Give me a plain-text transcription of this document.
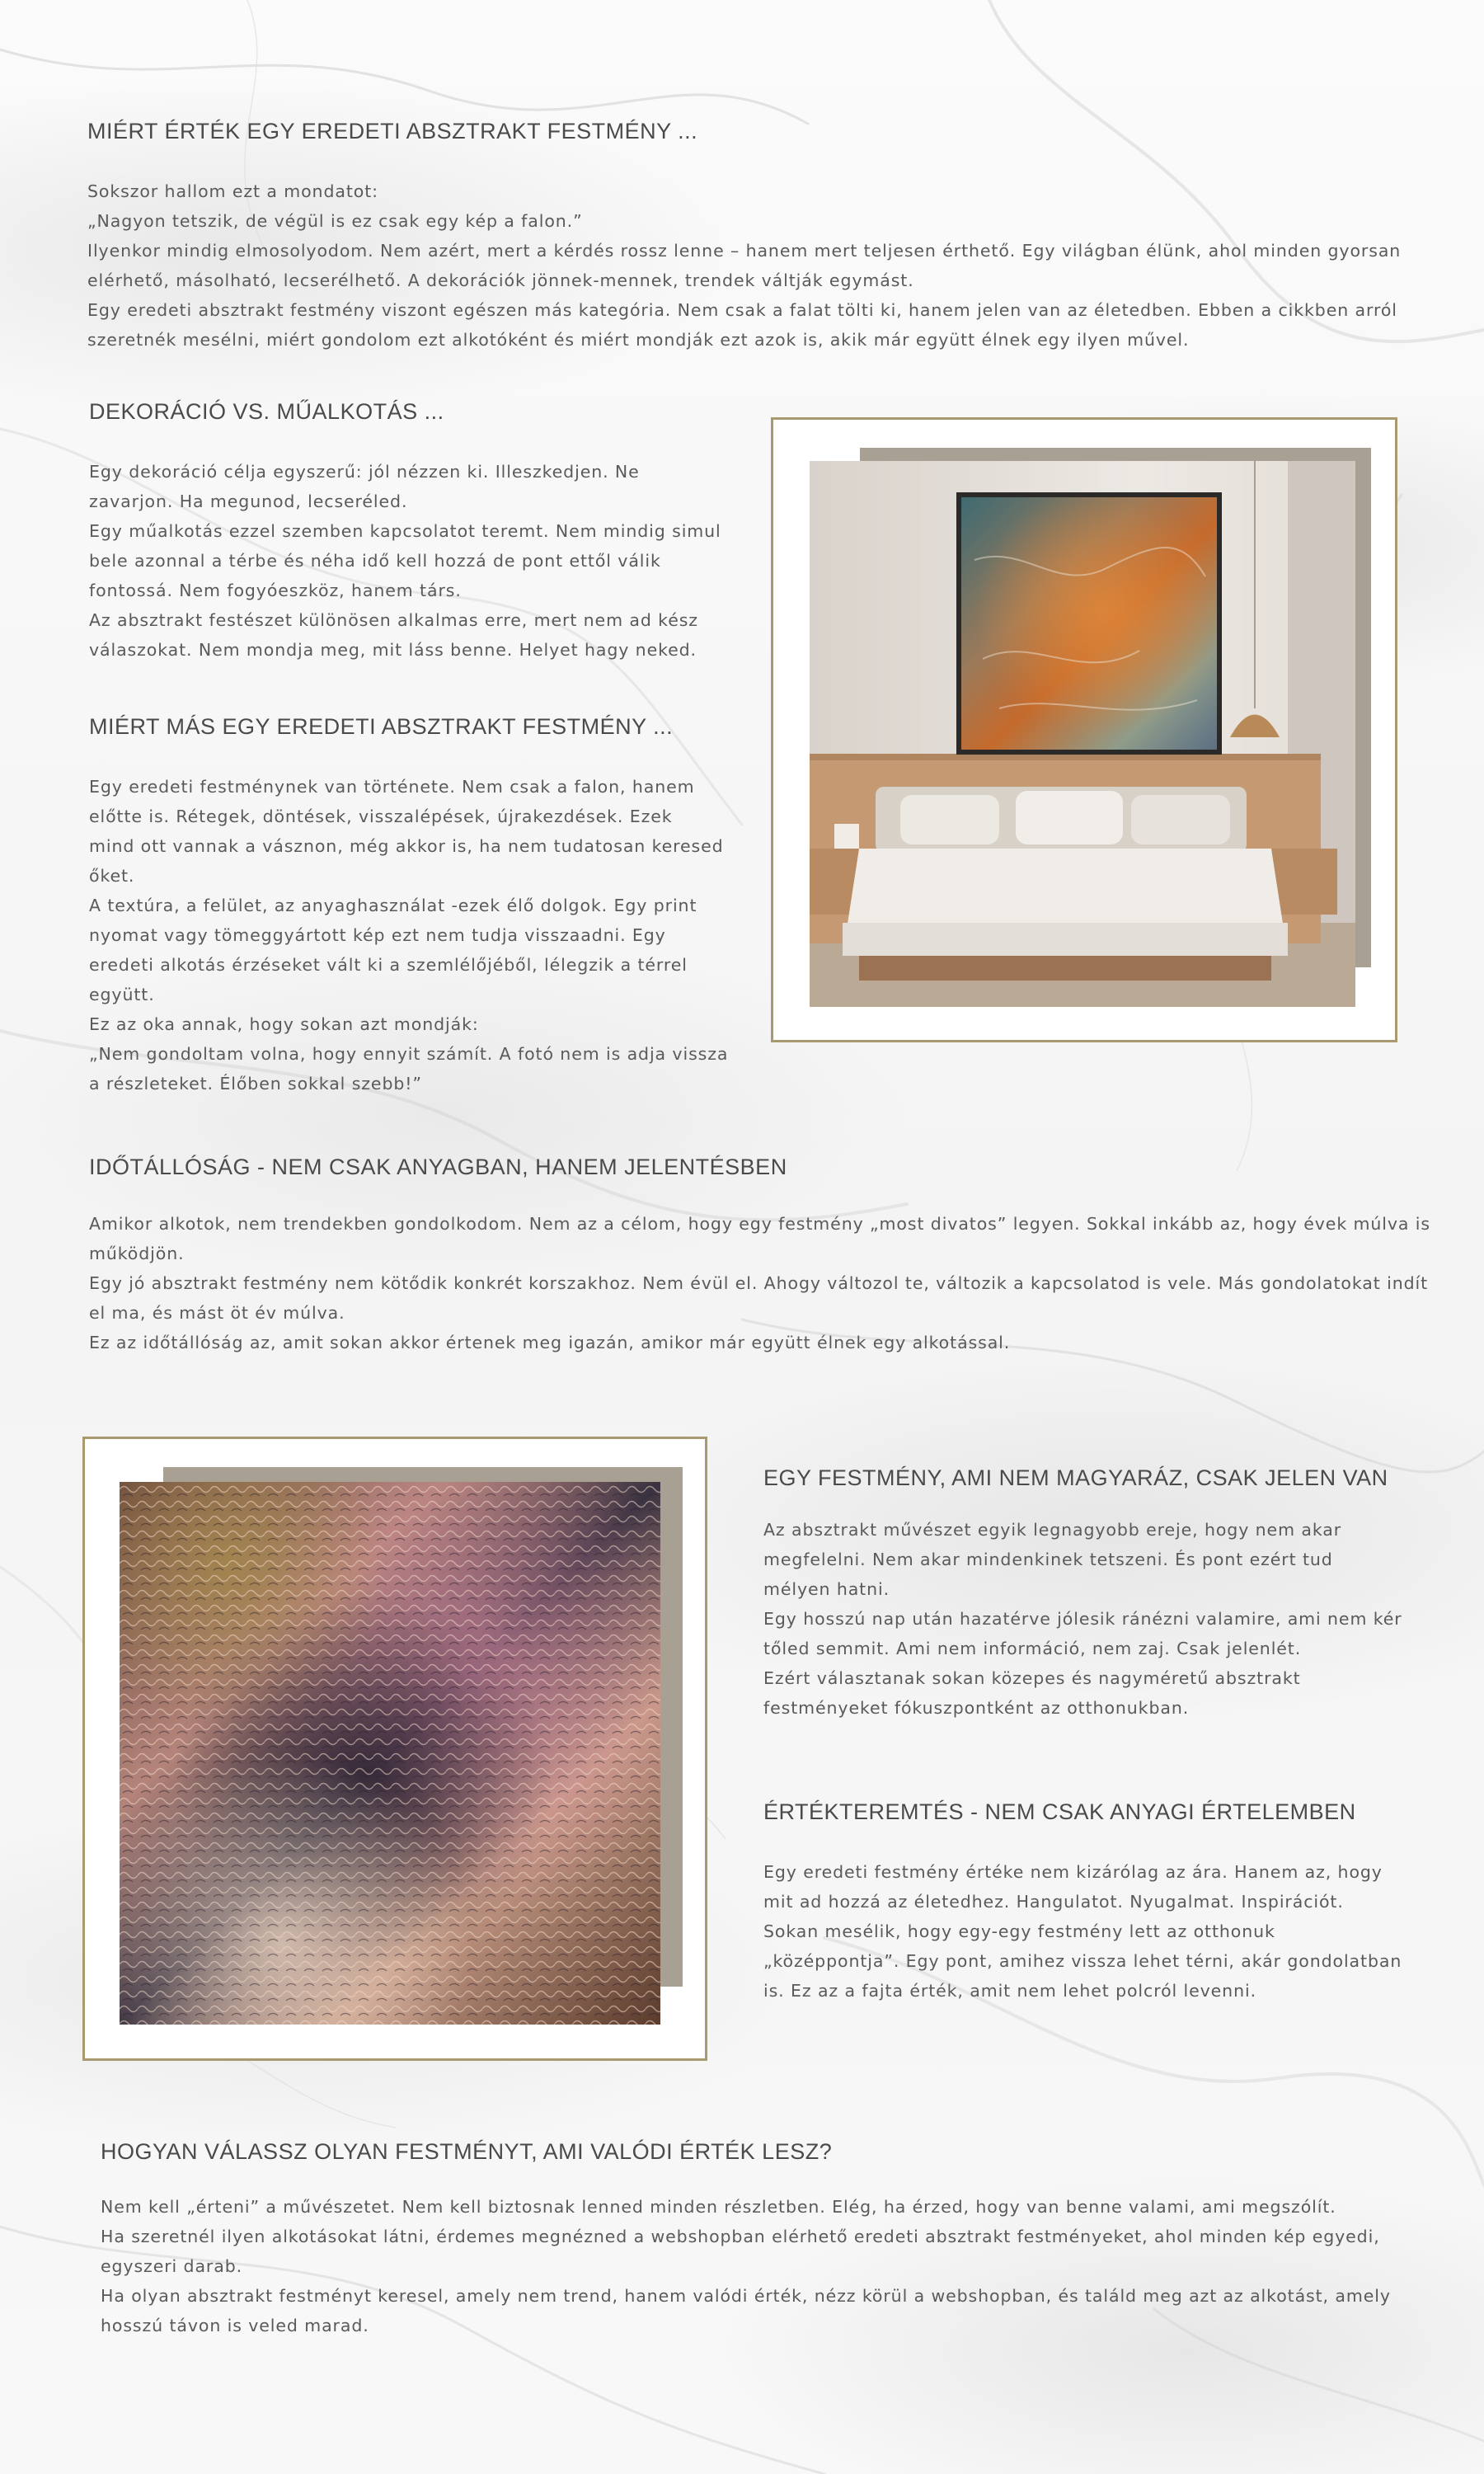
MIÉRT ÉRTÉK EGY EREDETI ABSZTRAKT FESTMÉNY ...
Sokszor hallom ezt a mondatot:
„Nagyon tetszik, de végül is ez csak egy kép a falon.”
Ilyenkor mindig elmosolyodom. Nem azért, mert a kérdés rossz lenne – hanem mert teljesen érthető. Egy világban élünk, ahol minden gyorsan
elérhető, másolható, lecserélhető. A dekorációk jönnek-mennek, trendek váltják egymást.
Egy eredeti absztrakt festmény viszont egészen más kategória. Nem csak a falat tölti ki, hanem jelen van az életedben. Ebben a cikkben arról
szeretnék mesélni, miért gondolom ezt alkotóként és miért mondják ezt azok is, akik már együtt élnek egy ilyen művel.
DEKORÁCIÓ VS. MŰALKOTÁS ...
Egy dekoráció célja egyszerű: jól nézzen ki. Illeszkedjen. Ne
zavarjon. Ha megunod, lecseréled.
Egy műalkotás ezzel szemben kapcsolatot teremt. Nem mindig simul
bele azonnal a térbe és néha idő kell hozzá de pont ettől válik
fontossá. Nem fogyóeszköz, hanem társ.
Az absztrakt festészet különösen alkalmas erre, mert nem ad kész
válaszokat. Nem mondja meg, mit láss benne. Helyet hagy neked.
MIÉRT MÁS EGY EREDETI ABSZTRAKT FESTMÉNY ...
Egy eredeti festménynek van története. Nem csak a falon, hanem
előtte is. Rétegek, döntések, visszalépések, újrakezdések. Ezek
mind ott vannak a vásznon, még akkor is, ha nem tudatosan keresed
őket.
A textúra, a felület, az anyaghasználat -ezek élő dolgok. Egy print
nyomat vagy tömeggyártott kép ezt nem tudja visszaadni. Egy
eredeti alkotás érzéseket vált ki a szemlélőjéből, lélegzik a térrel
együtt.
Ez az oka annak, hogy sokan azt mondják:
„Nem gondoltam volna, hogy ennyit számít. A fotó nem is adja vissza
a részleteket. Élőben sokkal szebb!”
IDŐTÁLLÓSÁG - NEM CSAK ANYAGBAN, HANEM JELENTÉSBEN
Amikor alkotok, nem trendekben gondolkodom. Nem az a célom, hogy egy festmény „most divatos” legyen. Sokkal inkább az, hogy évek múlva is
működjön.
Egy jó absztrakt festmény nem kötődik konkrét korszakhoz. Nem évül el. Ahogy változol te, változik a kapcsolatod is vele. Más gondolatokat indít
el ma, és mást öt év múlva.
Ez az időtállóság az, amit sokan akkor értenek meg igazán, amikor már együtt élnek egy alkotással.
EGY FESTMÉNY, AMI NEM MAGYARÁZ, CSAK JELEN VAN
Az absztrakt művészet egyik legnagyobb ereje, hogy nem akar
megfelelni. Nem akar mindenkinek tetszeni. És pont ezért tud
mélyen hatni.
Egy hosszú nap után hazatérve jólesik ránézni valamire, ami nem kér
tőled semmit. Ami nem információ, nem zaj. Csak jelenlét.
Ezért választanak sokan közepes és nagyméretű absztrakt
festményeket fókuszpontként az otthonukban.
ÉRTÉKTEREMTÉS - NEM CSAK ANYAGI ÉRTELEMBEN
Egy eredeti festmény értéke nem kizárólag az ára. Hanem az, hogy
mit ad hozzá az életedhez. Hangulatot. Nyugalmat. Inspirációt.
Sokan mesélik, hogy egy-egy festmény lett az otthonuk
„középpontja”. Egy pont, amihez vissza lehet térni, akár gondolatban
is. Ez az a fajta érték, amit nem lehet polcról levenni.
HOGYAN VÁLASSZ OLYAN FESTMÉNYT, AMI VALÓDI ÉRTÉK LESZ?
Nem kell „érteni” a művészetet. Nem kell biztosnak lenned minden részletben. Elég, ha érzed, hogy van benne valami, ami megszólít.
Ha szeretnél ilyen alkotásokat látni, érdemes megnézned a webshopban elérhető eredeti absztrakt festményeket, ahol minden kép egyedi,
egyszeri darab.
Ha olyan absztrakt festményt keresel, amely nem trend, hanem valódi érték, nézz körül a webshopban, és találd meg azt az alkotást, amely
hosszú távon is veled marad.
